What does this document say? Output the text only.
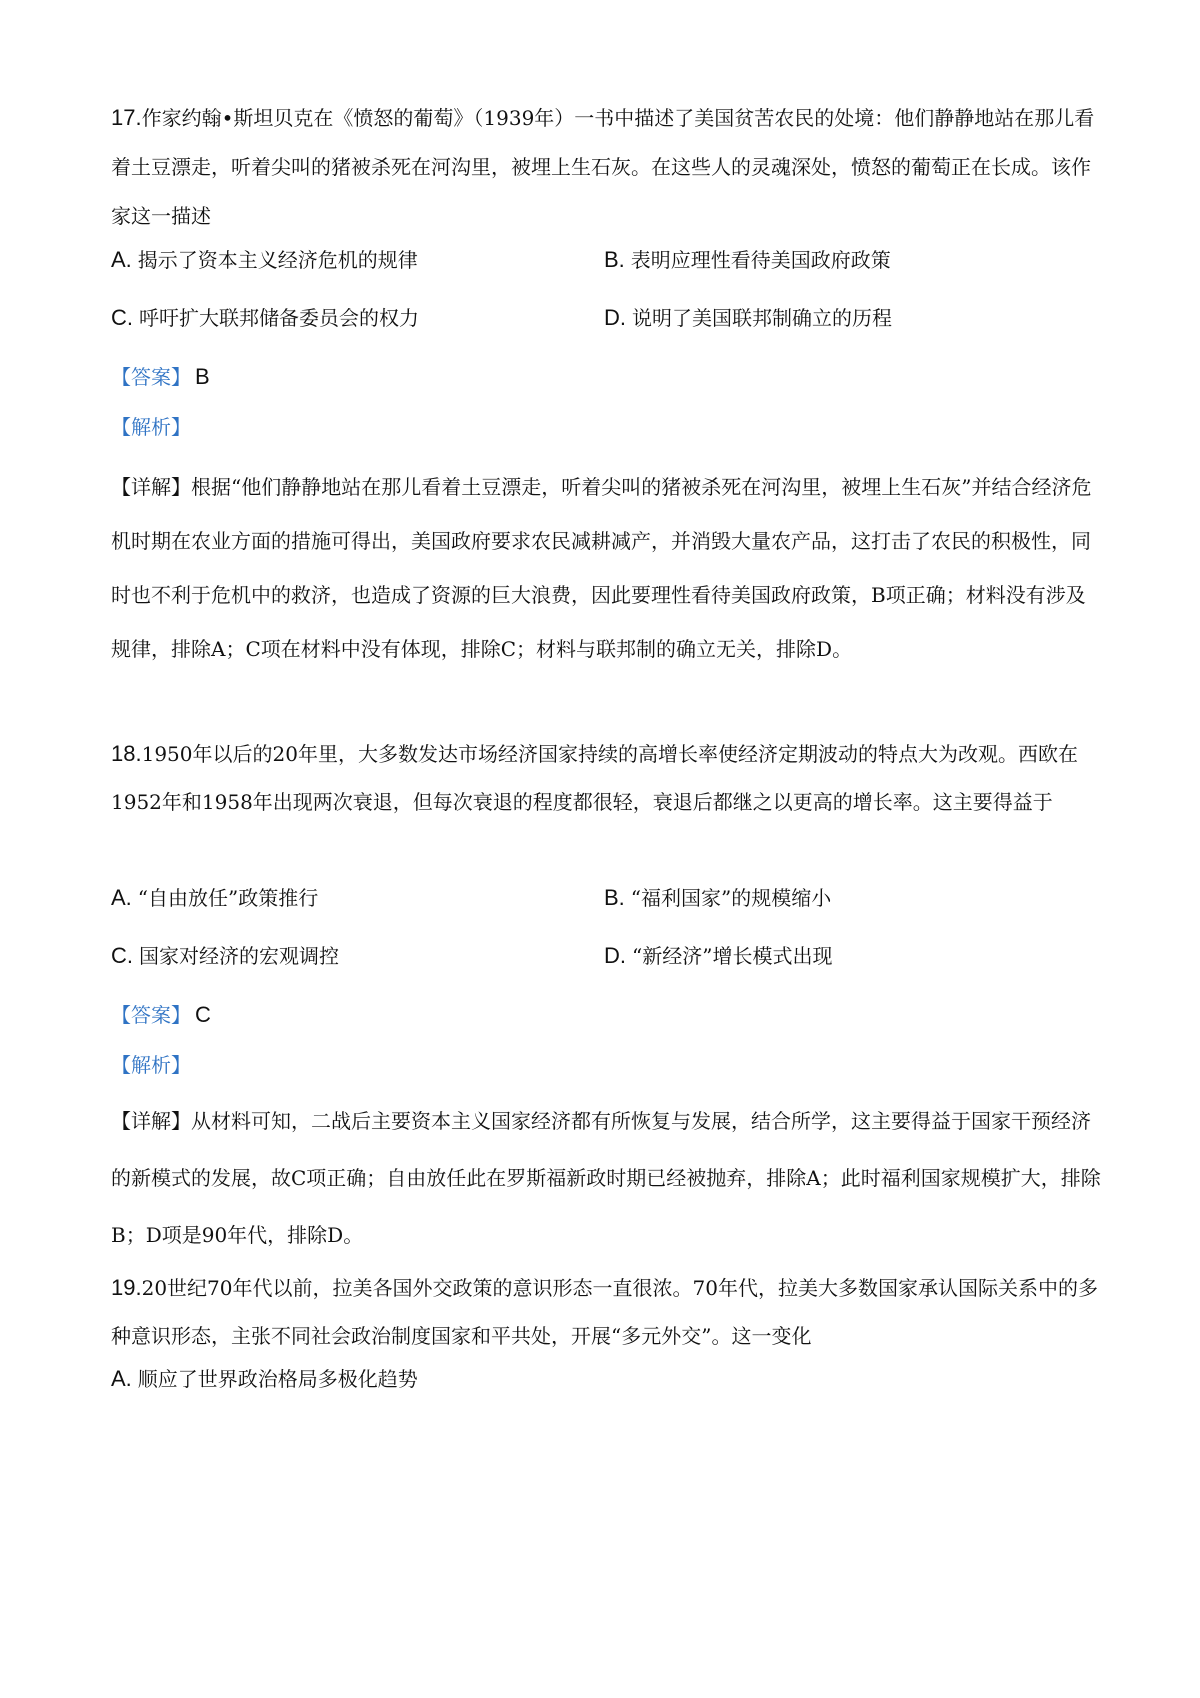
17.作家约翰•斯坦贝克在《愤怒的葡萄》（1939年）一书中描述了美国贫苦农民的处境：他们静静地站在那儿看着土豆漂走，听着尖叫的猪被杀死在河沟里，被埋上生石灰。在这些人的灵魂深处，愤怒的葡萄正在长成。该作家这一描述

A. 揭示了资本主义经济危机的规律	B. 表明应理性看待美国政府政策
C. 呼吁扩大联邦储备委员会的权力	D. 说明了美国联邦制确立的历程
【答案】 B
【解析】

【详解】根据“他们静静地站在那儿看着土豆漂走，听着尖叫的猪被杀死在河沟里，被埋上生石灰”并结合经济危机时期在农业方面的措施可得出，美国政府要求农民减耕减产，并消毁大量农产品，这打击了农民的积极性，同时也不利于危机中的救济，也造成了资源的巨大浪费，因此要理性看待美国政府政策，B项正确；材料没有涉及规律，排除A；C项在材料中没有体现，排除C；材料与联邦制的确立无关，排除D。

18.1950年以后的20年里，大多数发达市场经济国家持续的高增长率使经济定期波动的特点大为改观。西欧在1952年和1958年出现两次衰退，但每次衰退的程度都很轻，衰退后都继之以更高的增长率。这主要得益于

A. “自由放任”政策推行	B. “福利国家”的规模缩小
C. 国家对经济的宏观调控	D. “新经济”增长模式出现
【答案】 C
【解析】

【详解】从材料可知，二战后主要资本主义国家经济都有所恢复与发展，结合所学，这主要得益于国家干预经济的新模式的发展，故C项正确；自由放任此在罗斯福新政时期已经被抛弃，排除A；此时福利国家规模扩大，排除B；D项是90年代，排除D。

19.20世纪70年代以前，拉美各国外交政策的意识形态一直很浓。70年代，拉美大多数国家承认国际关系中的多种意识形态，主张不同社会政治制度国家和平共处，开展“多元外交”。这一变化

A. 顺应了世界政治格局多极化趋势
